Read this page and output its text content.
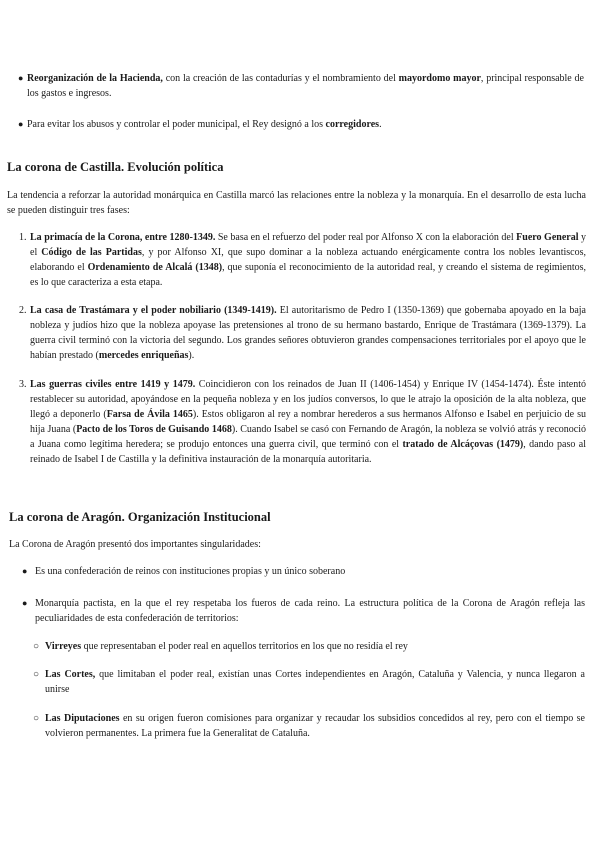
● Reorganización de la Hacienda, con la creación de las contadurías y el nombramiento del mayordomo mayor, principal responsable de los gastos e ingresos.
● Para evitar los abusos y controlar el poder municipal, el Rey designó a los corregidores.
La corona de Castilla. Evolución política
La tendencia a reforzar la autoridad monárquica en Castilla marcó las relaciones entre la nobleza y la monarquía. En el desarrollo de esta lucha se pueden distinguir tres fases:
1. La primacía de la Corona, entre 1280-1349. Se basa en el refuerzo del poder real por Alfonso X con la elaboración del Fuero General y el Código de las Partidas, y por Alfonso XI, que supo dominar a la nobleza actuando enérgicamente contra los nobles levantiscos, elaborando el Ordenamiento de Alcalá (1348), que suponía el reconocimiento de la autoridad real, y creando el sistema de regimientos, es lo que caracteriza a esta etapa.
2. La casa de Trastámara y el poder nobiliario (1349-1419). El autoritarismo de Pedro I (1350-1369) que gobernaba apoyado en la baja nobleza y judíos hizo que la nobleza apoyase las pretensiones al trono de su hermano bastardo, Enrique de Trastámara (1369-1379). La guerra civil terminó con la victoria del segundo. Los grandes señores obtuvieron grandes compensaciones territoriales por el apoyo que le habían prestado (mercedes enriqueñas).
3. Las guerras civiles entre 1419 y 1479. Coincidieron con los reinados de Juan II (1406-1454) y Enrique IV (1454-1474). Éste intentó restablecer su autoridad, apoyándose en la pequeña nobleza y en los judíos conversos, lo que le atrajo la oposición de la alta nobleza, que llegó a deponerlo (Farsa de Ávila 1465). Estos obligaron al rey a nombrar herederos a sus hermanos Alfonso e Isabel en perjuicio de su hija Juana (Pacto de los Toros de Guisando 1468). Cuando Isabel se casó con Fernando de Aragón, la nobleza se volvió atrás y reconoció a Juana como legítima heredera; se produjo entonces una guerra civil, que terminó con el tratado de Alcáçovas (1479), dando paso al reinado de Isabel I de Castilla y la definitiva instauración de la monarquía autoritaria.
La corona de Aragón. Organización Institucional
La Corona de Aragón presentó dos importantes singularidades:
● Es una confederación de reinos con instituciones propias y un único soberano
● Monarquía pactista, en la que el rey respetaba los fueros de cada reino. La estructura política de la Corona de Aragón refleja las peculiaridades de esta confederación de territorios:
○ Virreyes que representaban el poder real en aquellos territorios en los que no residía el rey
○ Las Cortes, que limitaban el poder real, existían unas Cortes independientes en Aragón, Cataluña y Valencia, y nunca llegaron a unirse
○ Las Diputaciones en su origen fueron comisiones para organizar y recaudar los subsidios concedidos al rey, pero con el tiempo se volvieron permanentes. La primera fue la Generalitat de Cataluña.
